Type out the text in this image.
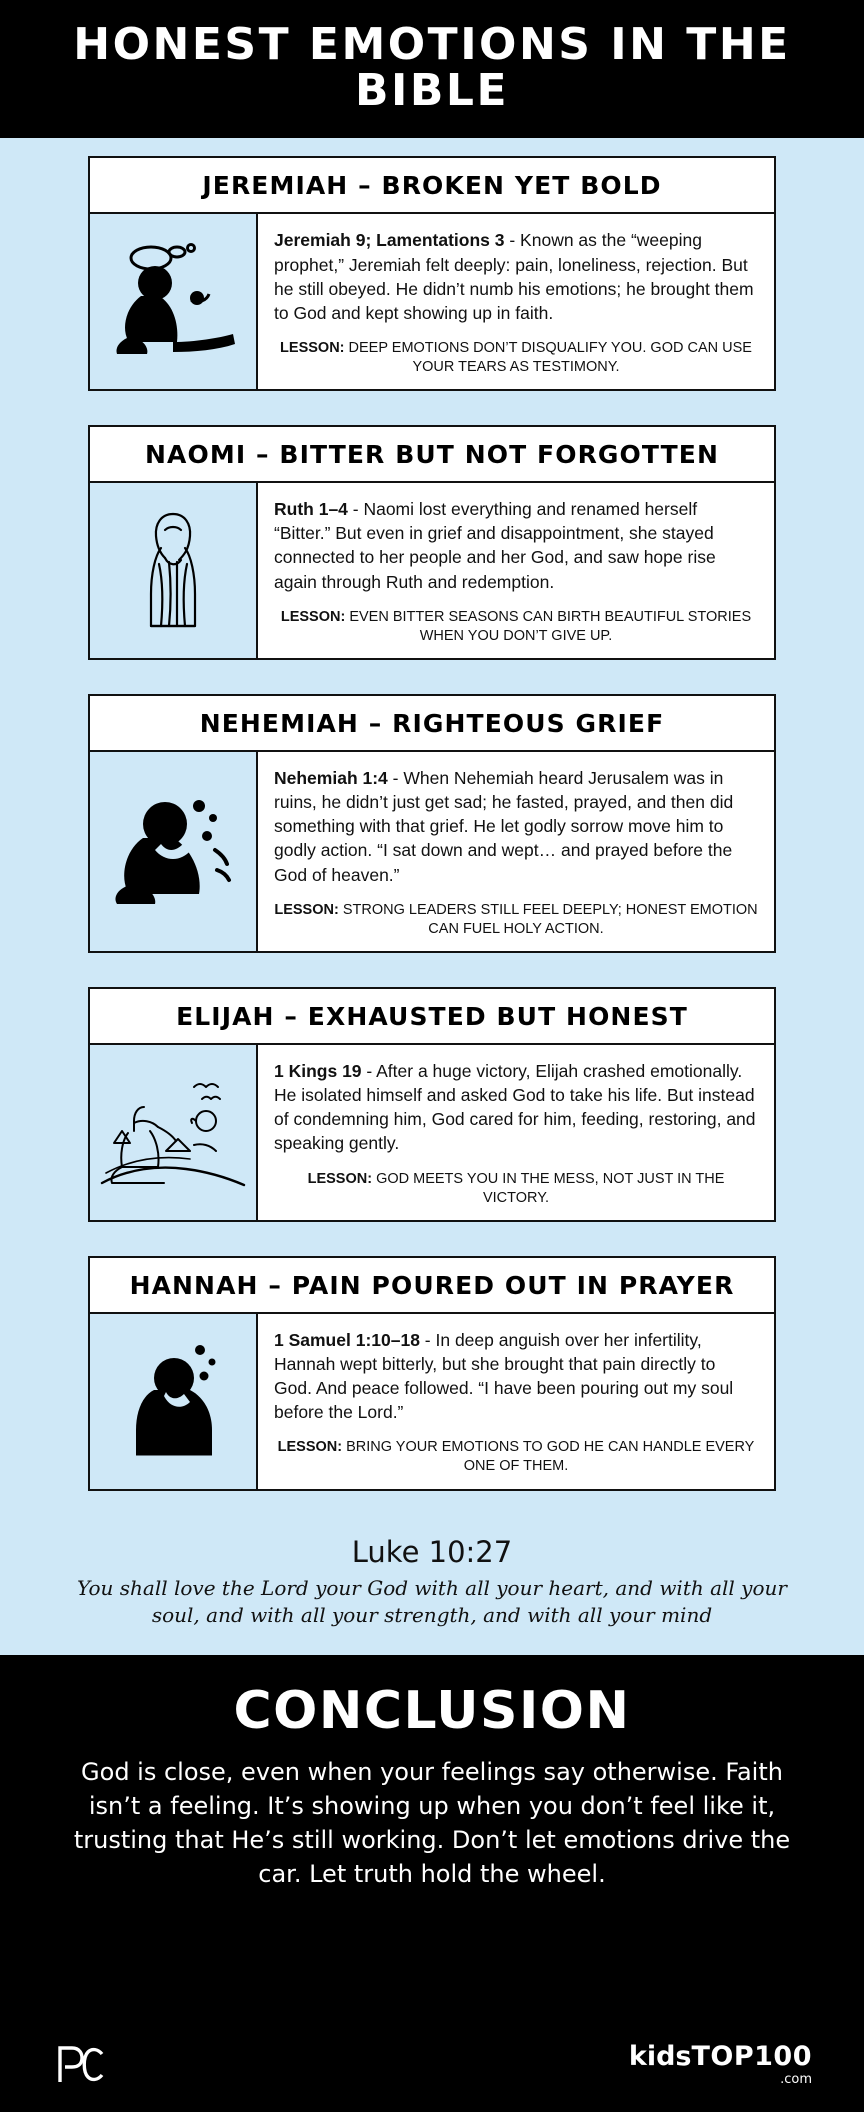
HONEST EMOTIONS IN THE BIBLE
JEREMIAH – BROKEN YET BOLD

Jeremiah 9; Lamentations 3 - Known as the “weeping prophet,” Jeremiah felt deeply: pain, loneliness, rejection. But he still obeyed. He didn’t numb his emotions; he brought them to God and kept showing up in faith.

LESSON: DEEP EMOTIONS DON’T DISQUALIFY YOU. GOD CAN USE YOUR TEARS AS TESTIMONY.

NAOMI – BITTER BUT NOT FORGOTTEN

Ruth 1–4 - Naomi lost everything and renamed herself “Bitter.” But even in grief and disappointment, she stayed connected to her people and her God, and saw hope rise again through Ruth and redemption.

LESSON: EVEN BITTER SEASONS CAN BIRTH BEAUTIFUL STORIES WHEN YOU DON’T GIVE UP.

NEHEMIAH – RIGHTEOUS GRIEF

Nehemiah 1:4 - When Nehemiah heard Jerusalem was in ruins, he didn’t just get sad; he fasted, prayed, and then did something with that grief. He let godly sorrow move him to godly action. “I sat down and wept… and prayed before the God of heaven.”

LESSON: STRONG LEADERS STILL FEEL DEEPLY; HONEST EMOTION CAN FUEL HOLY ACTION.

ELIJAH – EXHAUSTED BUT HONEST

1 Kings 19 - After a huge victory, Elijah crashed emotionally. He isolated himself and asked God to take his life. But instead of condemning him, God cared for him, feeding, restoring, and speaking gently.

LESSON: GOD MEETS YOU IN THE MESS, NOT JUST IN THE VICTORY.

HANNAH – PAIN POURED OUT IN PRAYER

1 Samuel 1:10–18 - In deep anguish over her infertility, Hannah wept bitterly, but she brought that pain directly to God. And peace followed. “I have been pouring out my soul before the Lord.”

LESSON: BRING YOUR EMOTIONS TO GOD HE CAN HANDLE EVERY ONE OF THEM.

Luke 10:27
You shall love the Lord your God with all your heart, and with all your soul, and with all your strength, and with all your mind
CONCLUSION
God is close, even when your feelings say otherwise. Faith isn’t a feeling. It’s showing up when you don’t feel like it, trusting that He’s still working. Don’t let emotions drive the car. Let truth hold the wheel.
kidsTOP100
.com
